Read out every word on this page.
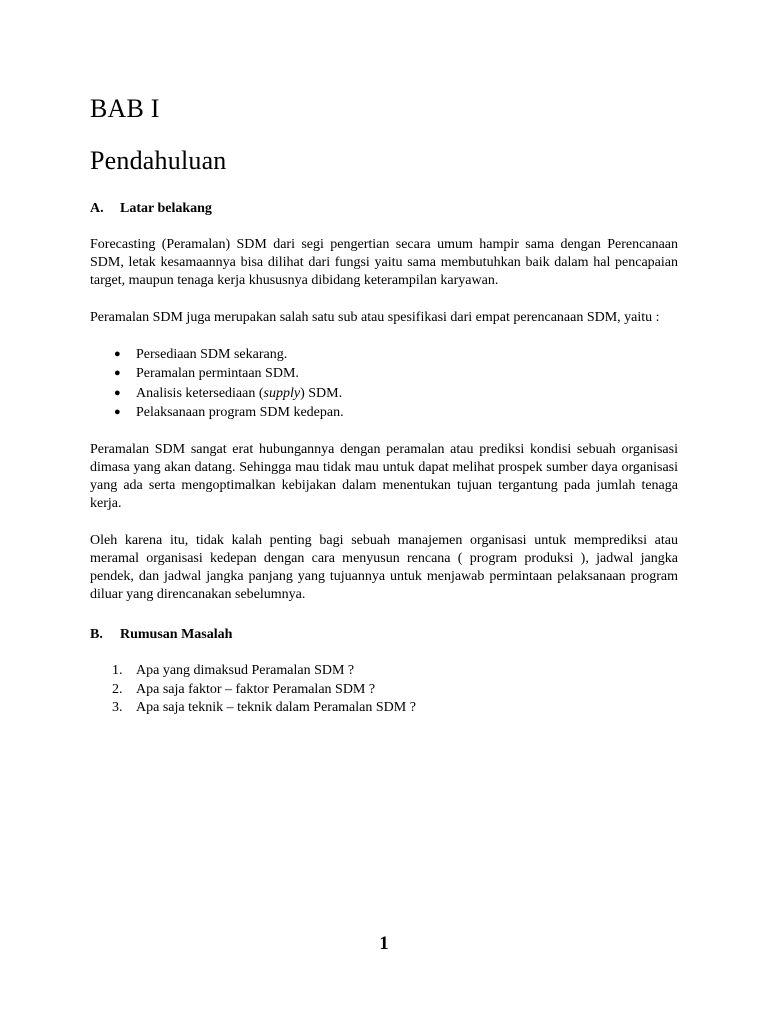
BAB I
Pendahuluan
A.	Latar belakang

Forecasting (Peramalan) SDM dari segi pengertian secara umum hampir sama dengan Perencanaan SDM, letak kesamaannya bisa dilihat dari fungsi yaitu sama membutuhkan baik dalam hal pencapaian target, maupun tenaga kerja khususnya dibidang keterampilan karyawan.

Peramalan SDM juga merupakan salah satu sub atau spesifikasi dari empat perencanaan SDM, yaitu :

●	Persediaan SDM sekarang.
●	Peramalan permintaan SDM.
●	Analisis ketersediaan (supply) SDM.
●	Pelaksanaan program SDM kedepan.

Peramalan SDM sangat erat hubungannya dengan peramalan atau prediksi kondisi sebuah organisasi dimasa yang akan datang. Sehingga mau tidak mau untuk dapat melihat prospek sumber daya organisasi yang ada serta mengoptimalkan kebijakan dalam menentukan tujuan tergantung pada jumlah tenaga kerja.

Oleh karena itu, tidak kalah penting bagi sebuah manajemen organisasi untuk memprediksi atau meramal organisasi kedepan dengan cara menyusun rencana ( program produksi ), jadwal jangka pendek, dan jadwal jangka panjang yang tujuannya untuk menjawab permintaan pelaksanaan program diluar yang direncanakan sebelumnya.

B.	Rumusan Masalah
1. Apa yang dimaksud Peramalan SDM ?
2. Apa saja faktor – faktor Peramalan SDM ?
3. Apa saja teknik – teknik dalam Peramalan SDM ?
1
